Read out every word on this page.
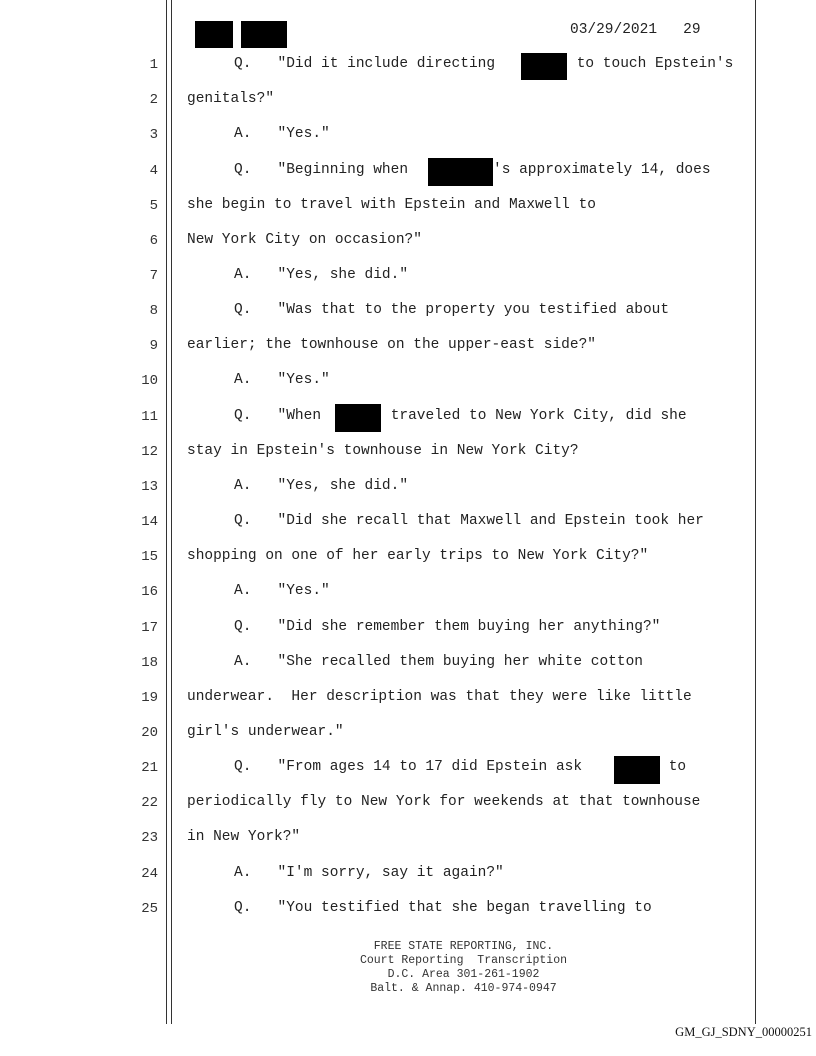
03/29/2021   29
1
2
3
4
5
6
7
8
9
10
11
12
13
14
15
16
17
18
19
20
21
22
23
24
25
Q.   "Did it include directing	to touch Epstein's
genitals?"
A.   "Yes."
Q.   "Beginning when	's approximately 14, does
she begin to travel with Epstein and Maxwell to
New York City on occasion?"
A.   "Yes, she did."
Q.   "Was that to the property you testified about
earlier; the townhouse on the upper-east side?"
A.   "Yes."
Q.   "When	traveled to New York City, did she
stay in Epstein's townhouse in New York City?
A.   "Yes, she did."
Q.   "Did she recall that Maxwell and Epstein took her
shopping on one of her early trips to New York City?"
A.   "Yes."
Q.   "Did she remember them buying her anything?"
A.   "She recalled them buying her white cotton
underwear.  Her description was that they were like little
girl's underwear."
Q.   "From ages 14 to 17 did Epstein ask	to
periodically fly to New York for weekends at that townhouse
in New York?"
A.   "I'm sorry, say it again?"
Q.   "You testified that she began travelling to
FREE STATE REPORTING, INC.
Court Reporting  Transcription
D.C. Area 301-261-1902
Balt. & Annap. 410-974-0947
GM_GJ_SDNY_00000251
